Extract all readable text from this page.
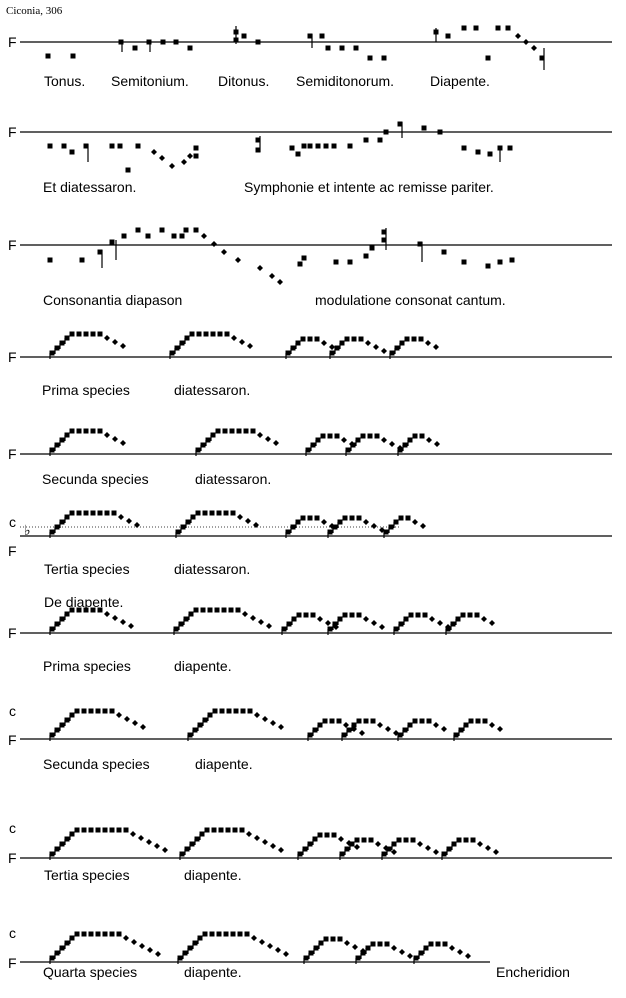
Ciconia, 306
F
F
F
F
F
c ♭
F
F
c
F
c
F
c
F
Tonus. Semitonium. Ditonus. Semiditonorum.	Diapente.
Et diatessaron.	Symphonie et intente ac remisse pariter.
Consonantia diapason	modulatione consonat cantum.
Prima species	diatessaron.
Secunda species	diatessaron.
Tertia species	diatessaron.
De diapente.
Prima species	diapente.
Secunda species	diapente.
Tertia species	diapente.
Quarta species	diapente.	Encheridion
